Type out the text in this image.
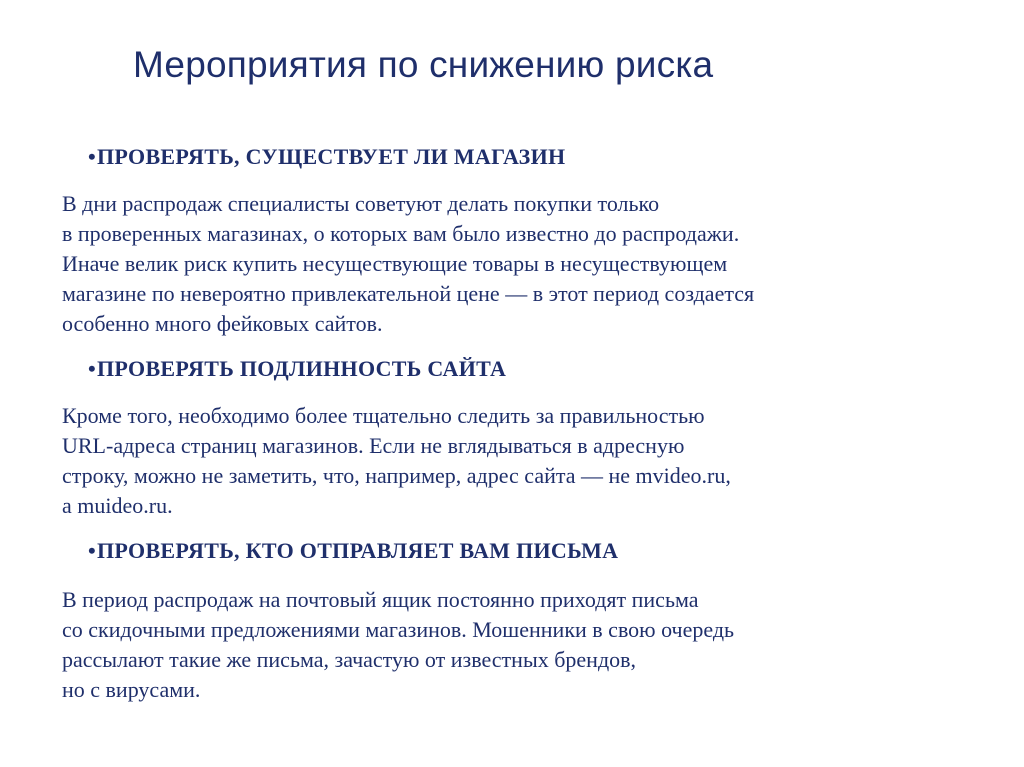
Мероприятия по снижению риска
•ПРОВЕРЯТЬ, СУЩЕСТВУЕТ ЛИ МАГАЗИН
В дни распродаж специалисты советуют делать покупки только
в проверенных магазинах, о которых вам было известно до распродажи.
Иначе велик риск купить несуществующие товары в несуществующем
магазине по невероятно привлекательной цене — в этот период создается
особенно много фейковых сайтов.
•ПРОВЕРЯТЬ ПОДЛИННОСТЬ САЙТА
Кроме того, необходимо более тщательно следить за правильностью
URL-адреса страниц магазинов. Если не вглядываться в адресную
строку, можно не заметить, что, например, адрес сайта — не mvideo.ru,
а muideo.ru.
•ПРОВЕРЯТЬ, КТО ОТПРАВЛЯЕТ ВАМ ПИСЬМА
В период распродаж на почтовый ящик постоянно приходят письма
со скидочными предложениями магазинов. Мошенники в свою очередь
рассылают такие же письма, зачастую от известных брендов,
но с вирусами.
